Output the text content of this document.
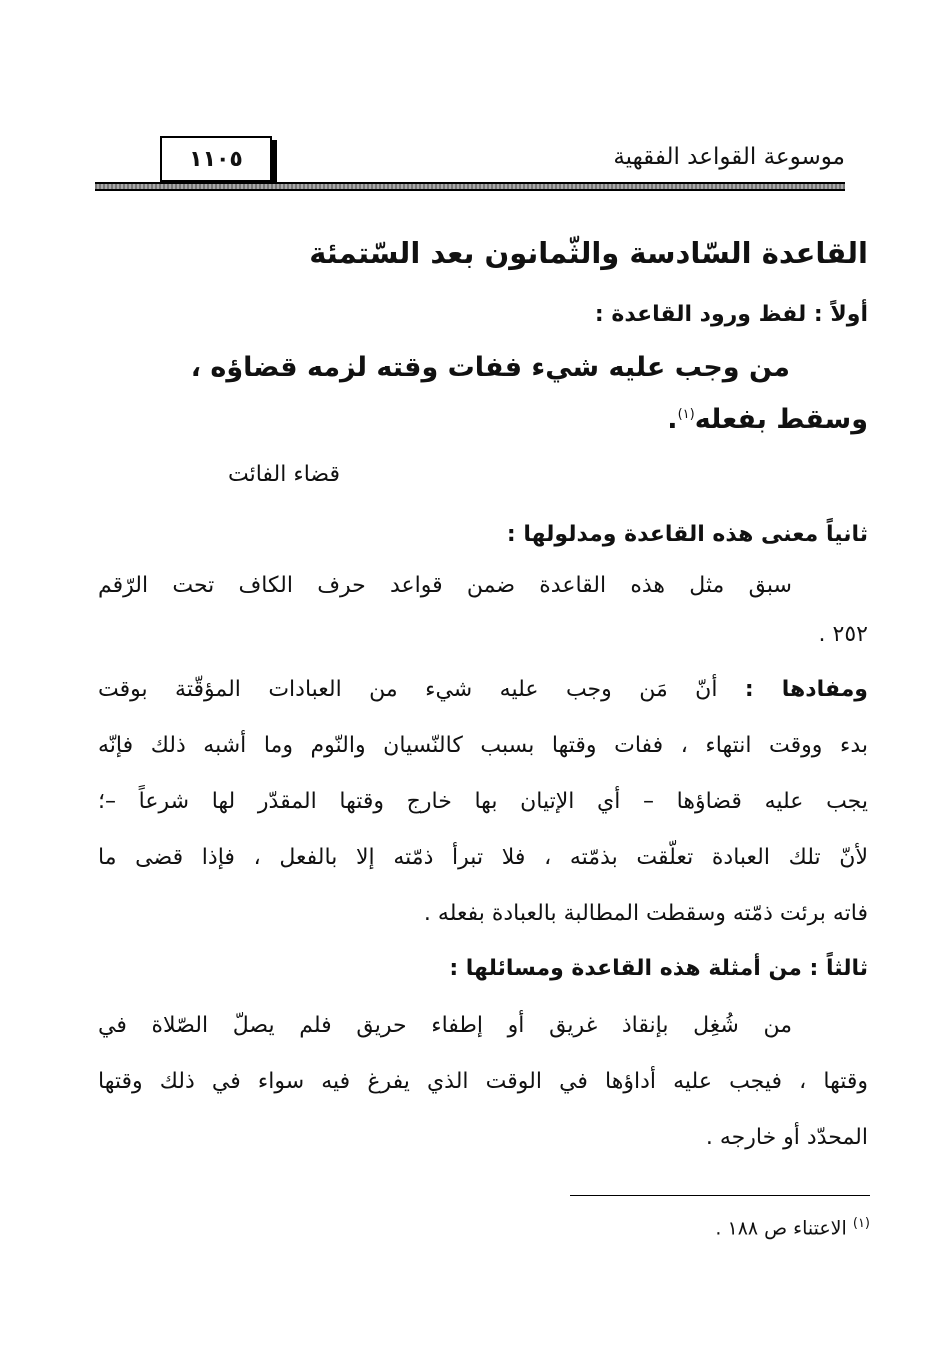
موسوعة القواعد الفقهية
١١٠٥
القاعدة السّادسة والثّمانون بعد السّتمئة
أولاً : لفظ ورود القاعدة :
من وجب عليه شيء ففات وقته لزمه قضاؤه ،
وسقط بفعله$^{(١)}$.
قضاء الفائت
ثانياً معنى هذه القاعدة ومدلولها :
سبق مثل هذه القاعدة ضمن قواعد حرف الكاف تحت الرّقم
٢٥٢ .
ومفادها : أنّ مَن وجب عليه شيء من العبادات المؤقّتة بوقت
بدء ووقت انتهاء ، ففات وقتها بسبب كالنّسيان والنّوم وما أشبه ذلك فإنّه
يجب عليه قضاؤها – أي الإتيان بها خارج وقتها المقدّر لها شرعاً –؛
لأنّ تلك العبادة تعلّقت بذمّته ، فلا تبرأ ذمّته إلا بالفعل ، فإذا قضى ما
فاته برئت ذمّته وسقطت المطالبة بالعبادة بفعله .
ثالثاً : من أمثلة هذه القاعدة ومسائلها :
من شُغِل بإنقاذ غريق أو إطفاء حريق فلم يصلّ الصّلاة في
وقتها ، فيجب عليه أداؤها في الوقت الذي يفرغ فيه سواء في ذلك وقتها
المحدّد أو خارجه .
$^{(١)}$ الاعتناء ص ١٨٨ .
